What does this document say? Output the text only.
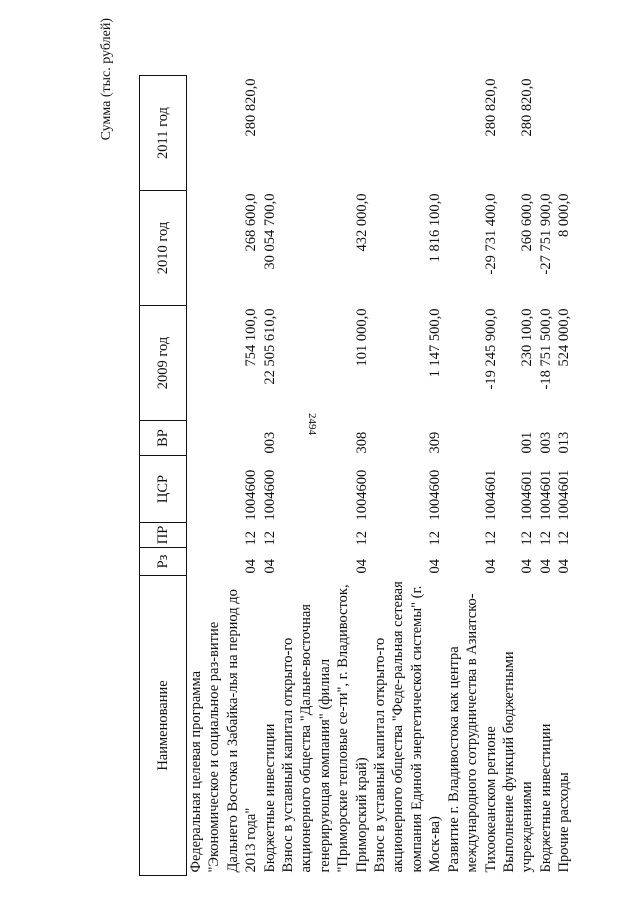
2494
Сумма (тыс. рублей)
Наименование	Рз	ПР	ЦСР	ВР	2009 год	2010 год	2011 год
Федеральная целевая программа "Экономическое и социальное раз-витие Дальнего Востока и Забайка-лья на период до 2013 года"	04	12	1004600		754 100,0	268 600,0	280 820,0
Бюджетные инвестиции	04	12	1004600	003	22 505 610,0	30 054 700,0	
Взнос в уставный капитал открыто-го акционерного общества "Дальне-восточная генерирующая компания" (филиал "Приморские тепловые се-ти", г. Владивосток, Приморский край)	04	12	1004600	308	101 000,0	432 000,0	
Взнос в уставный капитал открыто-го акционерного общества "Феде-ральная сетевая компания Единой энергетической системы" (г. Моск-ва)	04	12	1004600	309	1 147 500,0	1 816 100,0	
Развитие г. Владивостока как центра международного сотрудничества в Азиатско-Тихоокеанском регионе	04	12	1004601		-19 245 900,0	-29 731 400,0	280 820,0
Выполнение функций бюджетными учреждениями	04	12	1004601	001	230 100,0	260 600,0	280 820,0
Бюджетные инвестиции	04	12	1004601	003	-18 751 500,0	-27 751 900,0	
Прочие расходы	04	12	1004601	013	524 000,0	8 000,0	
